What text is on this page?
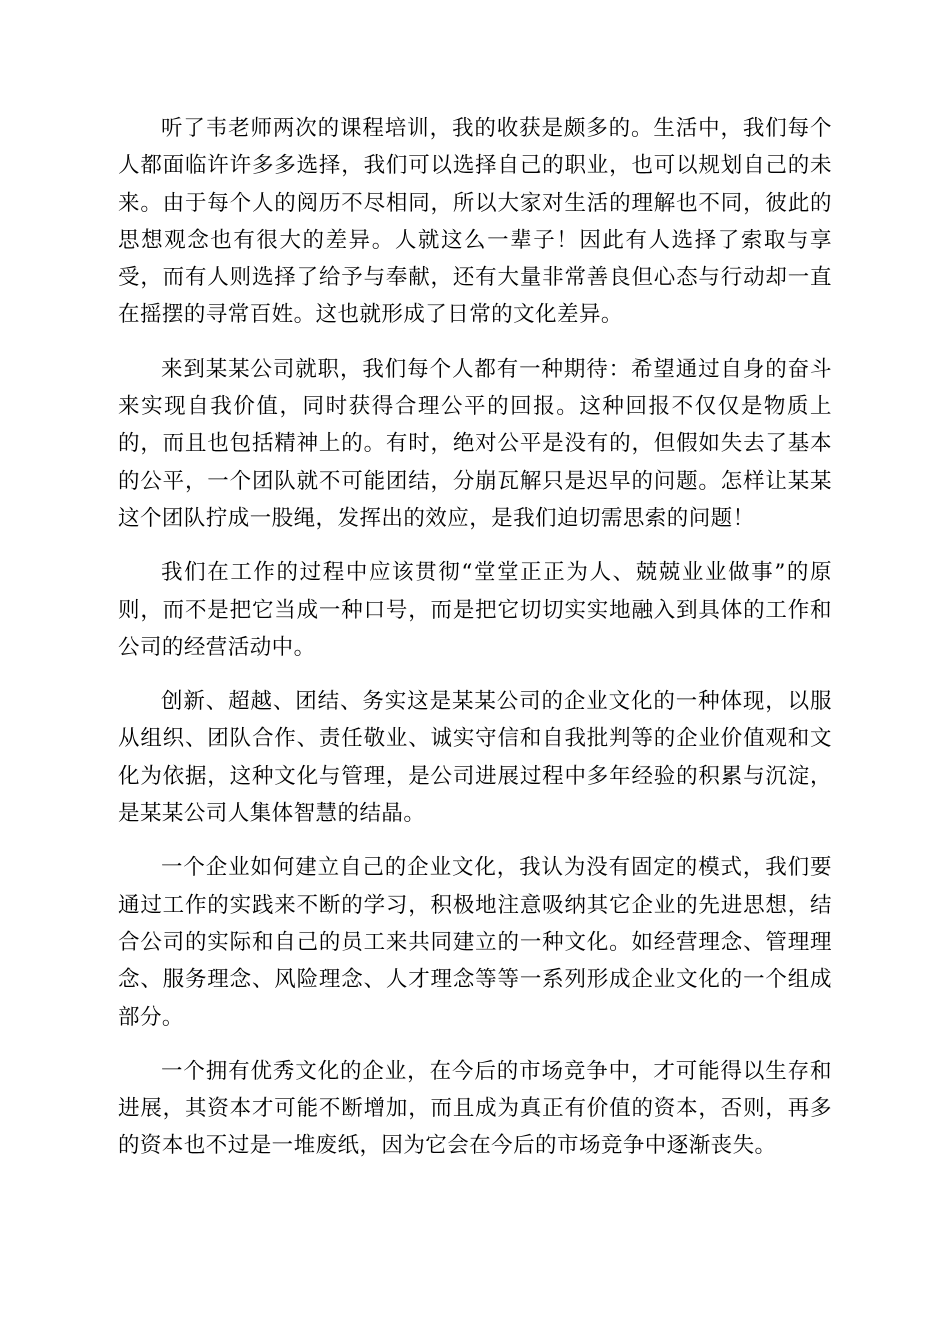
听了韦老师两次的课程培训，我的收获是颇多的。生活中，我们每个人都面临许许多多选择，我们可以选择自己的职业，也可以规划自己的未来。由于每个人的阅历不尽相同，所以大家对生活的理解也不同，彼此的思想观念也有很大的差异。人就这么一辈子！因此有人选择了索取与享受，而有人则选择了给予与奉献，还有大量非常善良但心态与行动却一直在摇摆的寻常百姓。这也就形成了日常的文化差异。

来到某某公司就职，我们每个人都有一种期待：希望通过自身的奋斗来实现自我价值，同时获得合理公平的回报。这种回报不仅仅是物质上的，而且也包括精神上的。有时，绝对公平是没有的，但假如失去了基本的公平，一个团队就不可能团结，分崩瓦解只是迟早的问题。怎样让某某这个团队拧成一股绳，发挥出的效应，是我们迫切需思索的问题！

我们在工作的过程中应该贯彻“堂堂正正为人、兢兢业业做事”的原则，而不是把它当成一种口号，而是把它切切实实地融入到具体的工作和公司的经营活动中。

创新、超越、团结、务实这是某某公司的企业文化的一种体现，以服从组织、团队合作、责任敬业、诚实守信和自我批判等的企业价值观和文化为依据，这种文化与管理，是公司进展过程中多年经验的积累与沉淀，是某某公司人集体智慧的结晶。

一个企业如何建立自己的企业文化，我认为没有固定的模式，我们要通过工作的实践来不断的学习，积极地注意吸纳其它企业的先进思想，结合公司的实际和自己的员工来共同建立的一种文化。如经营理念、管理理念、服务理念、风险理念、人才理念等等一系列形成企业文化的一个组成部分。

一个拥有优秀文化的企业，在今后的市场竞争中，才可能得以生存和进展，其资本才可能不断增加，而且成为真正有价值的资本，否则，再多的资本也不过是一堆废纸，因为它会在今后的市场竞争中逐渐丧失。
